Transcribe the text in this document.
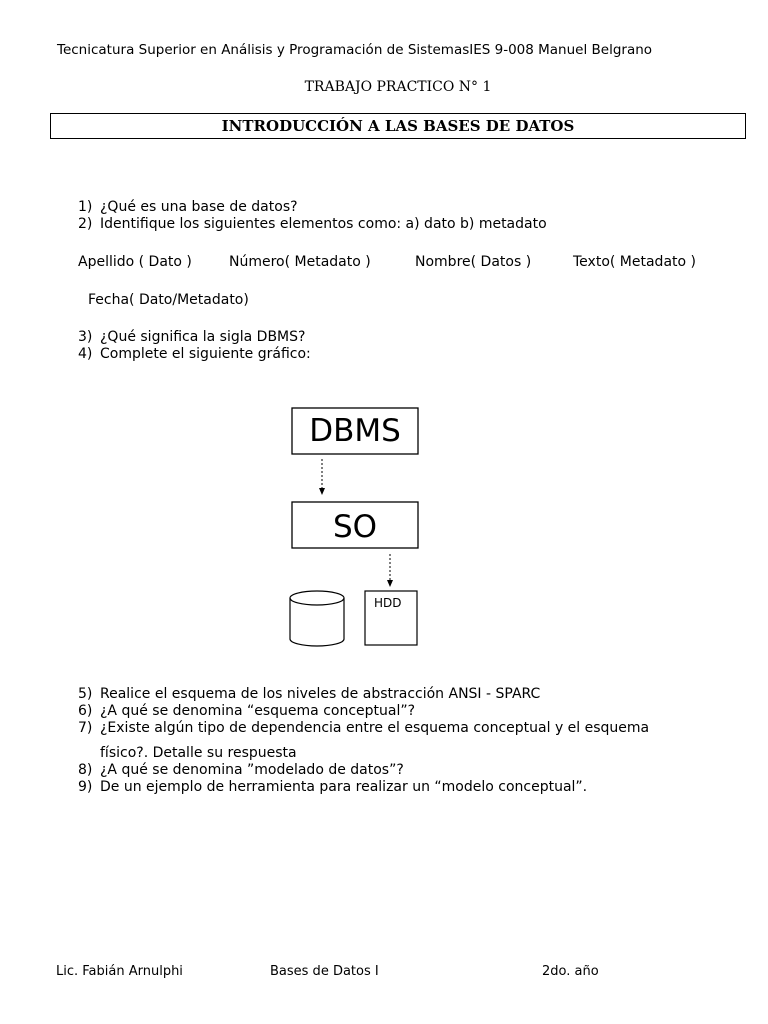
Tecnicatura Superior en Análisis y Programación de SistemasIES 9-008 Manuel Belgrano
TRABAJO PRACTICO N° 1
INTRODUCCIÓN A LAS BASES DE DATOS
1) ¿Qué es una base de datos?
2) Identifique los siguientes elementos como: a) dato b) metadato
Apellido ( Dato )	Número( Metadato )	Nombre( Datos )	Texto( Metadato )
Fecha( Dato/Metadato)
3) ¿Qué significa la sigla DBMS?
4) Complete el siguiente gráfico:
DBMS
SO
HDD
5) Realice el esquema de los niveles de abstracción ANSI - SPARC
6) ¿A qué se denomina “esquema conceptual”?
7) ¿Existe algún tipo de dependencia entre el esquema conceptual y el esquema
físico?. Detalle su respuesta
8) ¿A qué se denomina ”modelado de datos”?
9) De un ejemplo de herramienta para realizar un “modelo conceptual”.
Lic. Fabián Arnulphi	Bases de Datos I	2do. año
